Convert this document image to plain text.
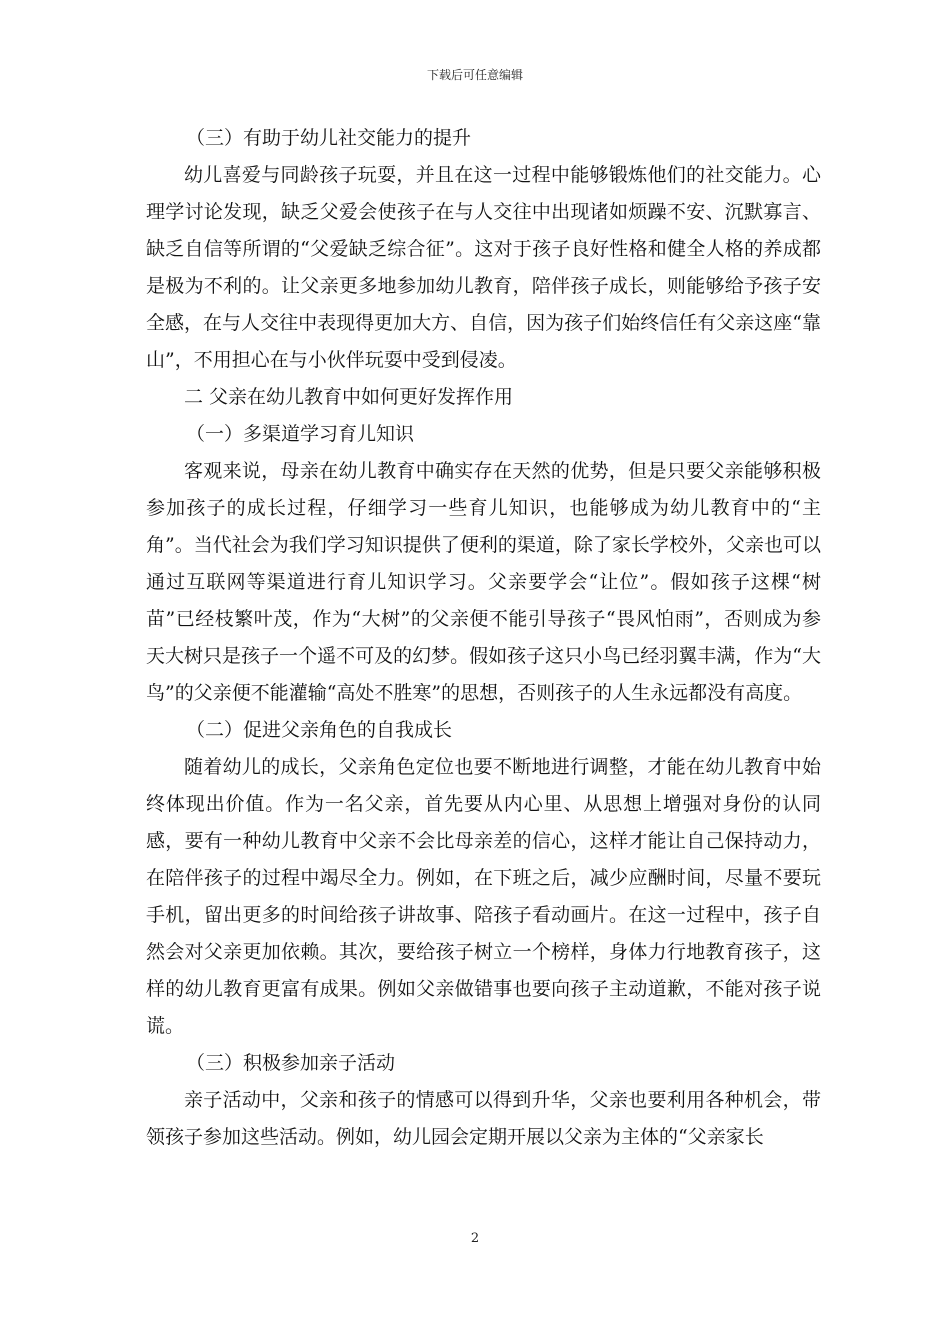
下载后可任意编辑

（三）有助于幼儿社交能力的提升

幼儿喜爱与同龄孩子玩耍，并且在这一过程中能够锻炼他们的社交能力。心理学讨论发现，缺乏父爱会使孩子在与人交往中出现诸如烦躁不安、沉默寡言、缺乏自信等所谓的“父爱缺乏综合征”。这对于孩子良好性格和健全人格的养成都是极为不利的。让父亲更多地参加幼儿教育，陪伴孩子成长，则能够给予孩子安全感，在与人交往中表现得更加大方、自信，因为孩子们始终信任有父亲这座“靠山”，不用担心在与小伙伴玩耍中受到侵凌。

二 父亲在幼儿教育中如何更好发挥作用

（一）多渠道学习育儿知识

客观来说，母亲在幼儿教育中确实存在天然的优势，但是只要父亲能够积极参加孩子的成长过程，仔细学习一些育儿知识，也能够成为幼儿教育中的“主角”。当代社会为我们学习知识提供了便利的渠道，除了家长学校外，父亲也可以通过互联网等渠道进行育儿知识学习。父亲要学会“让位”。假如孩子这棵“树苗”已经枝繁叶茂，作为“大树”的父亲便不能引导孩子“畏风怕雨”，否则成为参天大树只是孩子一个遥不可及的幻梦。假如孩子这只小鸟已经羽翼丰满，作为“大鸟”的父亲便不能灌输“高处不胜寒”的思想，否则孩子的人生永远都没有高度。

（二）促进父亲角色的自我成长

随着幼儿的成长，父亲角色定位也要不断地进行调整，才能在幼儿教育中始终体现出价值。作为一名父亲，首先要从内心里、从思想上增强对身份的认同感，要有一种幼儿教育中父亲不会比母亲差的信心，这样才能让自己保持动力，在陪伴孩子的过程中竭尽全力。例如，在下班之后，减少应酬时间，尽量不要玩手机，留出更多的时间给孩子讲故事、陪孩子看动画片。在这一过程中，孩子自然会对父亲更加依赖。其次，要给孩子树立一个榜样，身体力行地教育孩子，这样的幼儿教育更富有成果。例如父亲做错事也要向孩子主动道歉，不能对孩子说谎。

（三）积极参加亲子活动

亲子活动中，父亲和孩子的情感可以得到升华，父亲也要利用各种机会，带领孩子参加这些活动。例如，幼儿园会定期开展以父亲为主体的“父亲家长

2
